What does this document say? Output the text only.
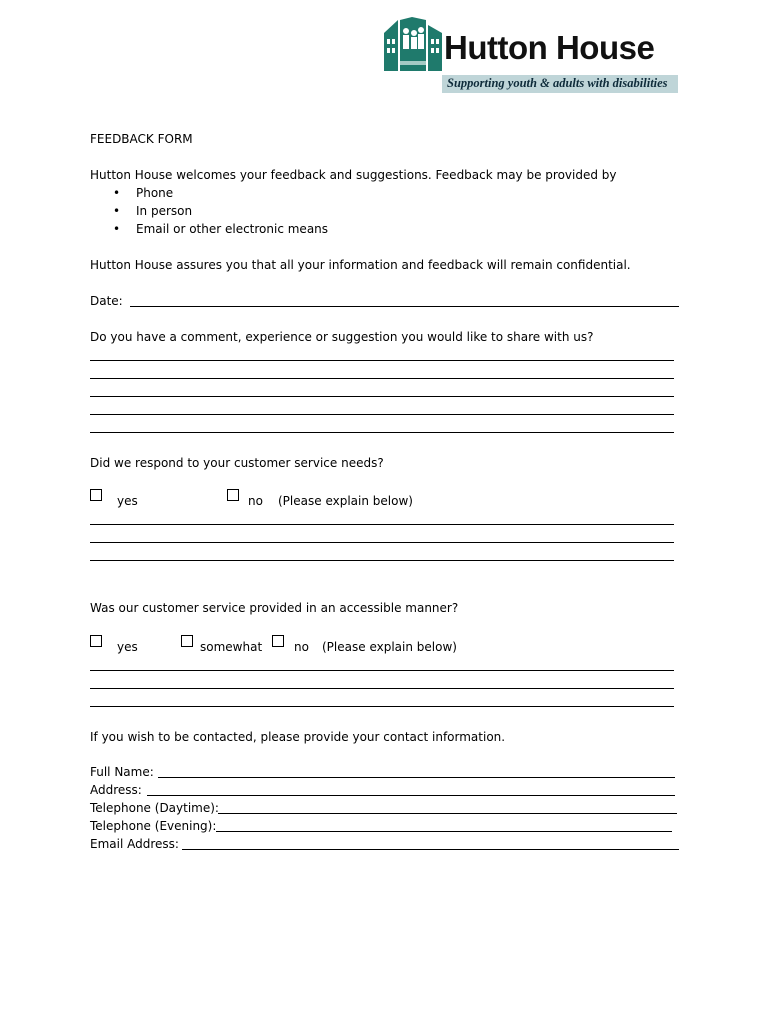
Hutton House
Supporting youth & adults with disabilities
FEEDBACK FORM
Hutton House welcomes your feedback and suggestions. Feedback may be provided by
• Phone
• In person
• Email or other electronic means
Hutton House assures you that all your information and feedback will remain confidential.
Date:
Do you have a comment, experience or suggestion you would like to share with us?
Did we respond to your customer service needs?
yes	no (Please explain below)
Was our customer service provided in an accessible manner?
yes	somewhat	no (Please explain below)
If you wish to be contacted, please provide your contact information.
Full Name:
Address:
Telephone (Daytime):
Telephone (Evening):
Email Address:
